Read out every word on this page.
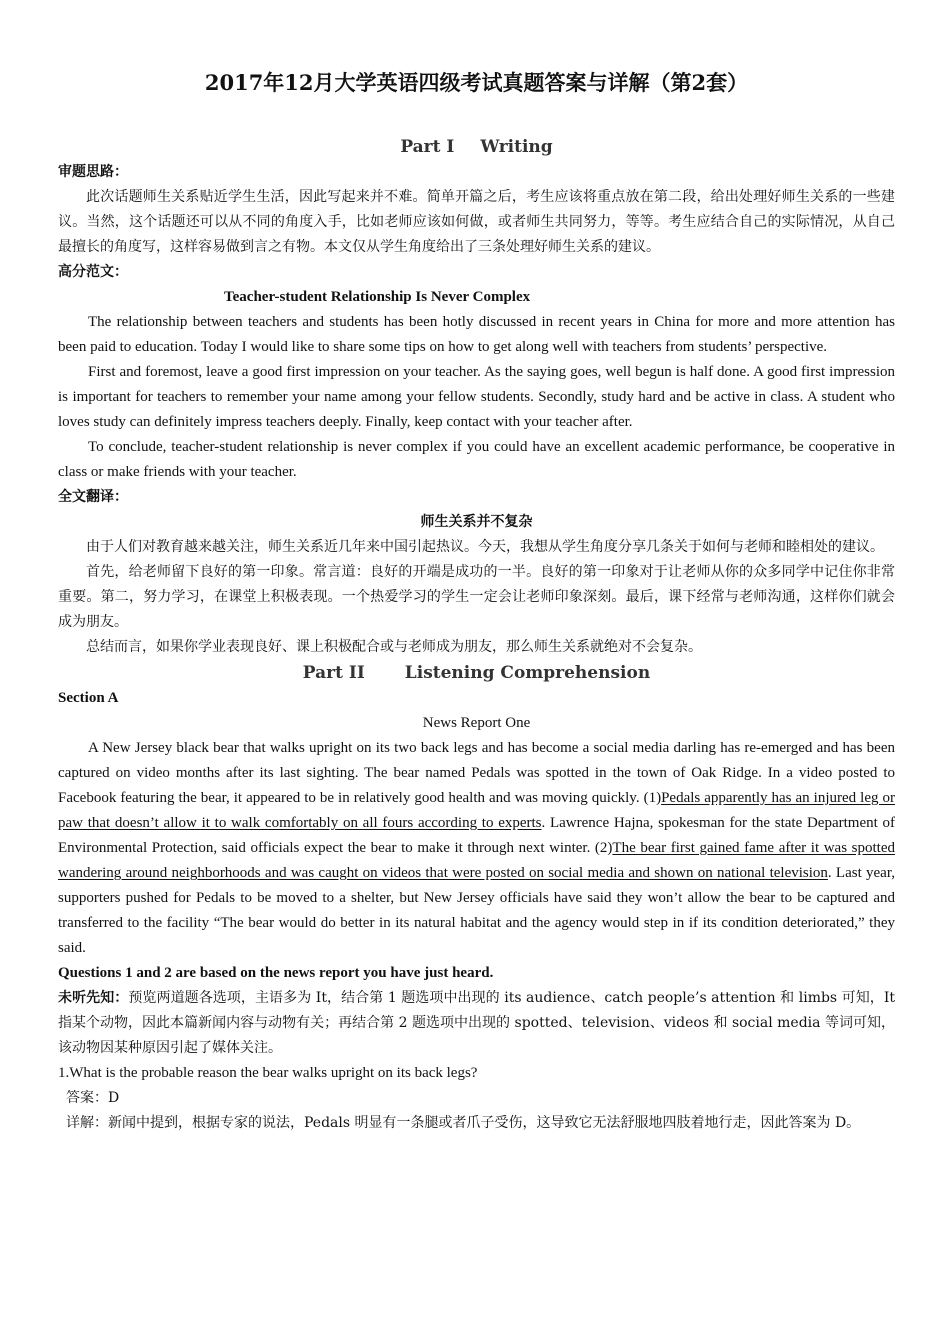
2017年12月大学英语四级考试真题答案与详解（第2套）
Part I Writing
审题思路：

此次话题师生关系贴近学生生活，因此写起来并不难。简单开篇之后，考生应该将重点放在第二段，给出处理好师生关系的一些建议。当然，这个话题还可以从不同的角度入手，比如老师应该如何做，或者师生共同努力，等等。考生应结合自己的实际情况，从自己最擅长的角度写，这样容易做到言之有物。本文仅从学生角度给出了三条处理好师生关系的建议。

高分范文：
Teacher-student Relationship Is Never Complex

The relationship between teachers and students has been hotly discussed in recent years in China for more and more attention has been paid to education. Today I would like to share some tips on how to get along well with teachers from students’ perspective.

First and foremost, leave a good first impression on your teacher. As the saying goes, well begun is half done. A good first impression is important for teachers to remember your name among your fellow students. Secondly, study hard and be active in class. A student who loves study can definitely impress teachers deeply. Finally, keep contact with your teacher after.

To conclude, teacher-student relationship is never complex if you could have an excellent academic performance, be cooperative in class or make friends with your teacher.

全文翻译：
师生关系并不复杂

由于人们对教育越来越关注，师生关系近几年来中国引起热议。今天，我想从学生角度分享几条关于如何与老师和睦相处的建议。

首先，给老师留下良好的第一印象。常言道：良好的开端是成功的一半。良好的第一印象对于让老师从你的众多同学中记住你非常重要。第二，努力学习，在课堂上积极表现。一个热爱学习的学生一定会让老师印象深刻。最后，课下经常与老师沟通，这样你们就会成为朋友。

总结而言，如果你学业表现良好、课上积极配合或与老师成为朋友，那么师生关系就绝对不会复杂。

Part II Listening Comprehension
Section A
News Report One

A New Jersey black bear that walks upright on its two back legs and has become a social media darling has re-emerged and has been captured on video months after its last sighting. The bear named Pedals was spotted in the town of Oak Ridge. In a video posted to Facebook featuring the bear, it appeared to be in relatively good health and was moving quickly. (1)Pedals apparently has an injured leg or paw that doesn’t allow it to walk comfortably on all fours according to experts. Lawrence Hajna, spokesman for the state Department of Environmental Protection, said officials expect the bear to make it through next winter. (2)The bear first gained fame after it was spotted wandering around neighborhoods and was caught on videos that were posted on social media and shown on national television. Last year, supporters pushed for Pedals to be moved to a shelter, but New Jersey officials have said they won’t allow the bear to be captured and transferred to the facility “The bear would do better in its natural habitat and the agency would step in if its condition deteriorated,” they said.

Questions 1 and 2 are based on the news report you have just heard.

未听先知：预览两道题各选项，主语多为 It，结合第 1 题选项中出现的 its audience、catch people’s attention 和 limbs 可知，It 指某个动物，因此本篇新闻内容与动物有关；再结合第 2 题选项中出现的 spotted、television、videos 和 social media 等词可知，该动物因某种原因引起了媒体关注。

1.What is the probable reason the bear walks upright on its back legs?
答案：D

详解：新闻中提到，根据专家的说法，Pedals 明显有一条腿或者爪子受伤，这导致它无法舒服地四肢着地行走，因此答案为 D。
